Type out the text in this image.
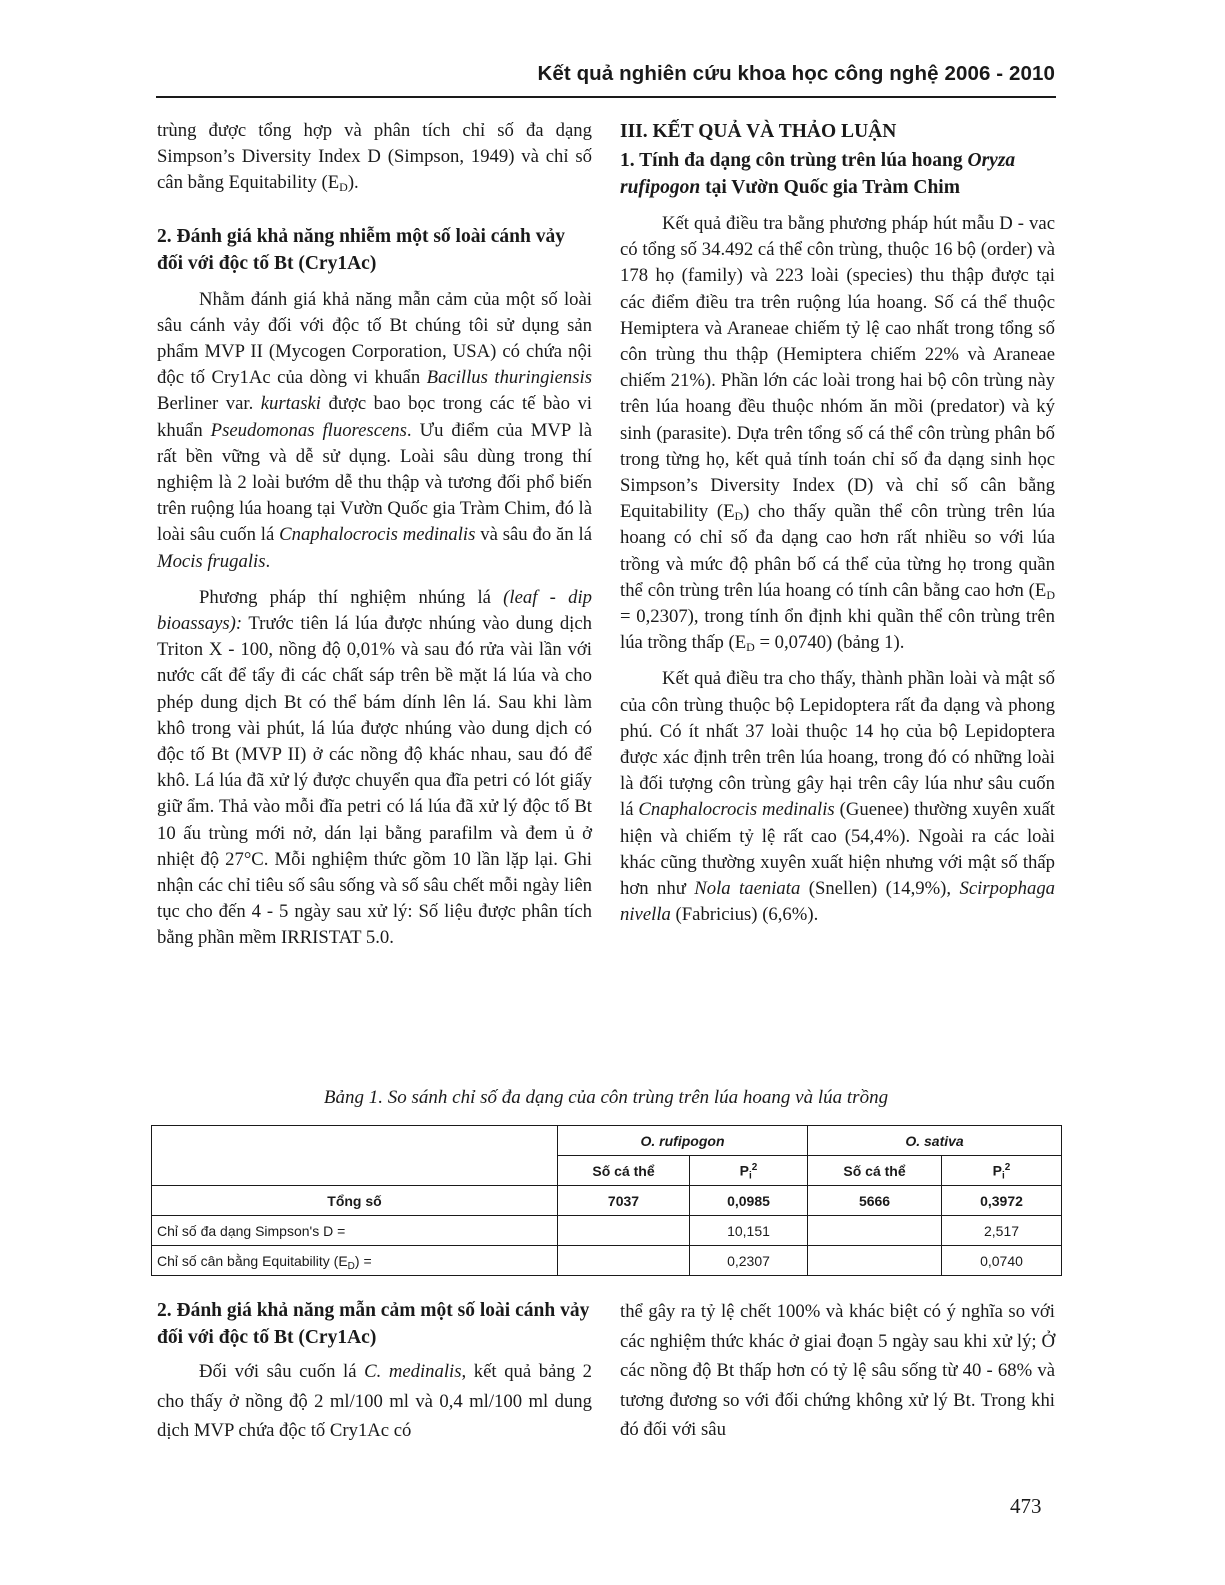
Kết quả nghiên cứu khoa học công nghệ 2006 - 2010

trùng được tổng hợp và phân tích chỉ số đa dạng Simpson’s Diversity Index D (Simpson, 1949) và chỉ số cân bằng Equitability $(E_D)$.

2. Đánh giá khả năng nhiễm một số loài cánh vảy đối với độc tố Bt (Cry1Ac)

Nhằm đánh giá khả năng mẫn cảm của một số loài sâu cánh vảy đối với độc tố Bt chúng tôi sử dụng sản phẩm MVP II (Mycogen Corporation, USA) có chứa nội độc tố Cry1Ac của dòng vi khuẩn Bacillus thuringiensis Berliner var. kurtaski được bao bọc trong các tế bào vi khuẩn Pseudomonas fluorescens. Ưu điểm của MVP là rất bền vững và dễ sử dụng. Loài sâu dùng trong thí nghiệm là 2 loài bướm dễ thu thập và tương đối phổ biến trên ruộng lúa hoang tại Vườn Quốc gia Tràm Chim, đó là loài sâu cuốn lá Cnaphalocrocis medinalis và sâu đo ăn lá Mocis frugalis.

Phương pháp thí nghiệm nhúng lá (leaf - dip bioassays): Trước tiên lá lúa được nhúng vào dung dịch Triton X - 100, nồng độ 0,01% và sau đó rửa vài lần với nước cất để tẩy đi các chất sáp trên bề mặt lá lúa và cho phép dung dịch Bt có thể bám dính lên lá. Sau khi làm khô trong vài phút, lá lúa được nhúng vào dung dịch có độc tố Bt (MVP II) ở các nồng độ khác nhau, sau đó để khô. Lá lúa đã xử lý được chuyển qua đĩa petri có lót giấy giữ ẩm. Thả vào mỗi đĩa petri có lá lúa đã xử lý độc tố Bt 10 ấu trùng mới nở, dán lại bằng parafilm và đem ủ ở nhiệt độ 27°C. Mỗi nghiệm thức gồm 10 lần lặp lại. Ghi nhận các chỉ tiêu số sâu sống và số sâu chết mỗi ngày liên tục cho đến 4 - 5 ngày sau xử lý: Số liệu được phân tích bằng phần mềm IRRISTAT 5.0.

III. KẾT QUẢ VÀ THẢO LUẬN
1. Tính đa dạng côn trùng trên lúa hoang Oryza rufipogon tại Vườn Quốc gia Tràm Chim

Kết quả điều tra bằng phương pháp hút mẫu D - vac có tổng số 34.492 cá thể côn trùng, thuộc 16 bộ (order) và 178 họ (family) và 223 loài (species) thu thập được tại các điểm điều tra trên ruộng lúa hoang. Số cá thể thuộc Hemiptera và Araneae chiếm tỷ lệ cao nhất trong tổng số côn trùng thu thập (Hemiptera chiếm 22% và Araneae chiếm 21%). Phần lớn các loài trong hai bộ côn trùng này trên lúa hoang đều thuộc nhóm ăn mồi (predator) và ký sinh (parasite). Dựa trên tổng số cá thể côn trùng phân bố trong từng họ, kết quả tính toán chỉ số đa dạng sinh học Simpson’s Diversity Index (D) và chỉ số cân bằng Equitability $(E_D)$ cho thấy quần thể côn trùng trên lúa hoang có chỉ số đa dạng cao hơn rất nhiều so với lúa trồng và mức độ phân bố cá thể của từng họ trong quần thể côn trùng trên lúa hoang có tính cân bằng cao hơn $(E_D = 0,2307)$, trong tính ổn định khi quần thể côn trùng trên lúa trồng thấp $(E_D = 0,0740)$ (bảng 1).

Kết quả điều tra cho thấy, thành phần loài và mật số của côn trùng thuộc bộ Lepidoptera rất đa dạng và phong phú. Có ít nhất 37 loài thuộc 14 họ của bộ Lepidoptera được xác định trên trên lúa hoang, trong đó có những loài là đối tượng côn trùng gây hại trên cây lúa như sâu cuốn lá Cnaphalocrocis medinalis (Guenee) thường xuyên xuất hiện và chiếm tỷ lệ rất cao (54,4%). Ngoài ra các loài khác cũng thường xuyên xuất hiện nhưng với mật số thấp hơn như Nola taeniata (Snellen) (14,9%), Scirpophaga nivella (Fabricius) (6,6%).

Bảng 1. So sánh chỉ số đa dạng của côn trùng trên lúa hoang và lúa trồng
	O. rufipogon		O. sativa	
	Số cá thể	$P_i^2$	Số cá thể	$P_i^2$
Tổng số	7037	0,0985	5666	0,3972
Chỉ số đa dạng Simpson's D =		10,151		2,517
Chỉ số cân bằng Equitability $(E_D)$ =		0,2307		0,0740
2. Đánh giá khả năng mẫn cảm một số loài cánh vảy đối với độc tố Bt (Cry1Ac)

Đối với sâu cuốn lá C. medinalis, kết quả bảng 2 cho thấy ở nồng độ 2 ml/100 ml và 0,4 ml/100 ml dung dịch MVP chứa độc tố Cry1Ac có

thể gây ra tỷ lệ chết 100% và khác biệt có ý nghĩa so với các nghiệm thức khác ở giai đoạn 5 ngày sau khi xử lý; Ở các nồng độ Bt thấp hơn có tỷ lệ sâu sống từ 40 - 68% và tương đương so với đối chứng không xử lý Bt. Trong khi đó đối với sâu

473
